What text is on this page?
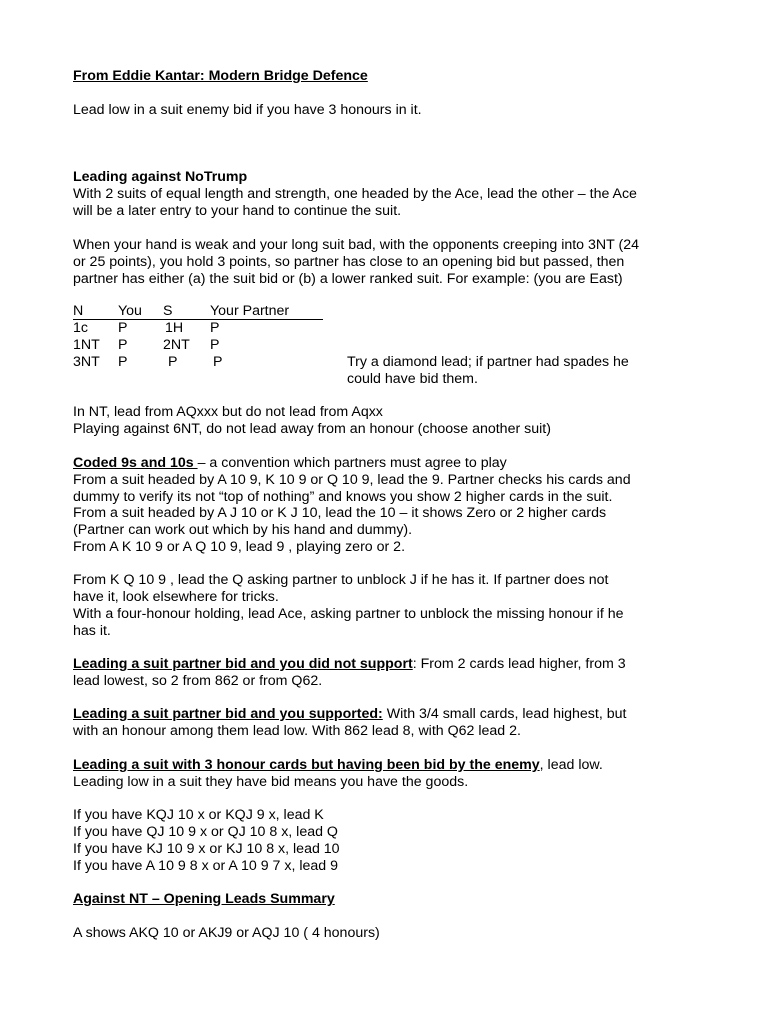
From Eddie Kantar: Modern Bridge Defence
Lead low in a suit enemy bid if you have 3 honours in it.
Leading against NoTrump
With 2 suits of equal length and strength, one headed by the Ace, lead the other – the Ace
will be a later entry to your hand to continue the suit.
When your hand is weak and your long suit bad, with the opponents creeping into 3NT (24
or 25 points), you hold 3 points, so partner has close to an opening bid but passed, then
partner has either (a) the suit bid or (b) a lower ranked suit. For example: (you are East)
N You S	Your Partner
1c P	1H P
1NT P	2NT P
3NT P	P	P	Try a diamond lead; if partner had spades he
could have bid them.
In NT, lead from AQxxx but do not lead from Aqxx
Playing against 6NT, do not lead away from an honour (choose another suit)
Coded 9s and 10s – a convention which partners must agree to play
From a suit headed by A 10 9, K 10 9 or Q 10 9, lead the 9. Partner checks his cards and
dummy to verify its not “top of nothing” and knows you show 2 higher cards in the suit.
From a suit headed by A J 10 or K J 10, lead the 10 – it shows Zero or 2 higher cards
(Partner can work out which by his hand and dummy).
From A K 10 9 or A Q 10 9, lead 9 , playing zero or 2.
From K Q 10 9 , lead the Q asking partner to unblock J if he has it. If partner does not
have it, look elsewhere for tricks.
With a four-honour holding, lead Ace, asking partner to unblock the missing honour if he
has it.
Leading a suit partner bid and you did not support: From 2 cards lead higher, from 3
lead lowest, so 2 from 862 or from Q62.
Leading a suit partner bid and you supported: With 3/4 small cards, lead highest, but
with an honour among them lead low. With 862 lead 8, with Q62 lead 2.
Leading a suit with 3 honour cards but having been bid by the enemy, lead low.
Leading low in a suit they have bid means you have the goods.
If you have KQJ 10 x or KQJ 9 x, lead K
If you have QJ 10 9 x or QJ 10 8 x, lead Q
If you have KJ 10 9 x or KJ 10 8 x, lead 10
If you have A 10 9 8 x or A 10 9 7 x, lead 9
Against NT – Opening Leads Summary
A shows AKQ 10 or AKJ9 or AQJ 10 ( 4 honours)
